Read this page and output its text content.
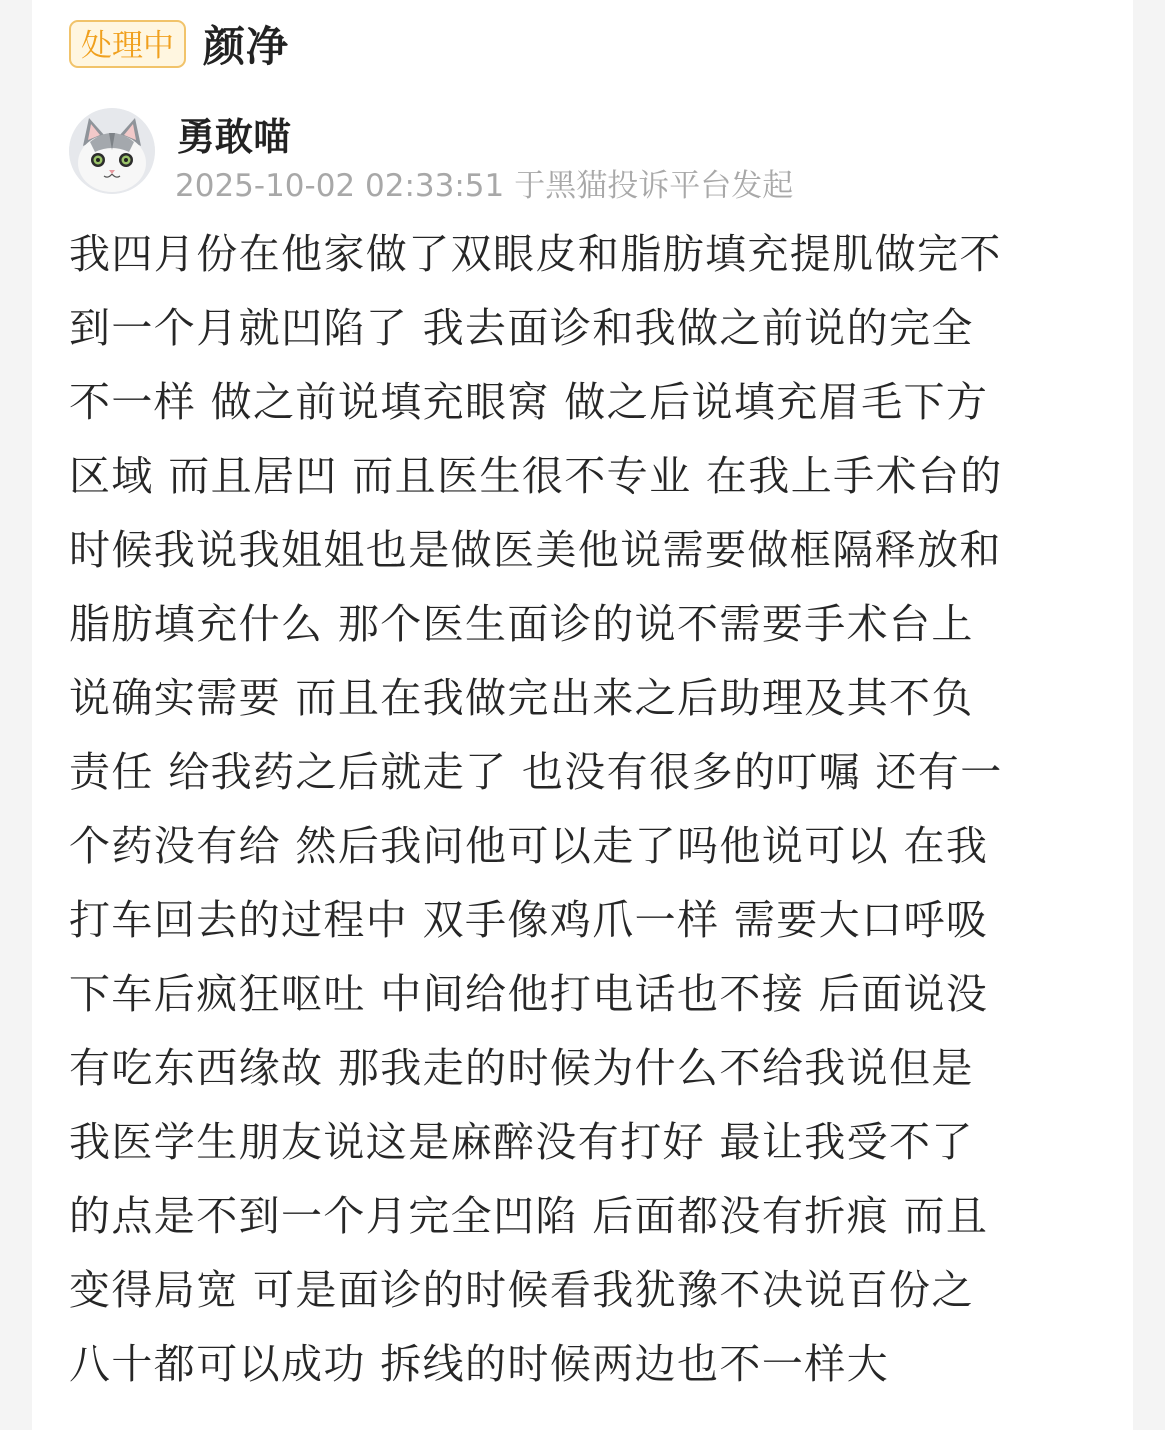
处理中 颜净
勇敢喵
2025-10-02 02:33:51 于黑猫投诉平台发起

我四月份在他家做了双眼皮和脂肪填充提肌做完不
到一个月就凹陷了 我去面诊和我做之前说的完全
不一样 做之前说填充眼窝 做之后说填充眉毛下方
区域 而且居凹 而且医生很不专业 在我上手术台的
时候我说我姐姐也是做医美他说需要做框隔释放和
脂肪填充什么 那个医生面诊的说不需要手术台上
说确实需要 而且在我做完出来之后助理及其不负
责任 给我药之后就走了 也没有很多的叮嘱 还有一
个药没有给 然后我问他可以走了吗他说可以 在我
打车回去的过程中 双手像鸡爪一样 需要大口呼吸
下车后疯狂呕吐 中间给他打电话也不接 后面说没
有吃东西缘故 那我走的时候为什么不给我说但是
我医学生朋友说这是麻醉没有打好 最让我受不了
的点是不到一个月完全凹陷 后面都没有折痕 而且
变得局宽 可是面诊的时候看我犹豫不决说百份之
八十都可以成功 拆线的时候两边也不一样大
